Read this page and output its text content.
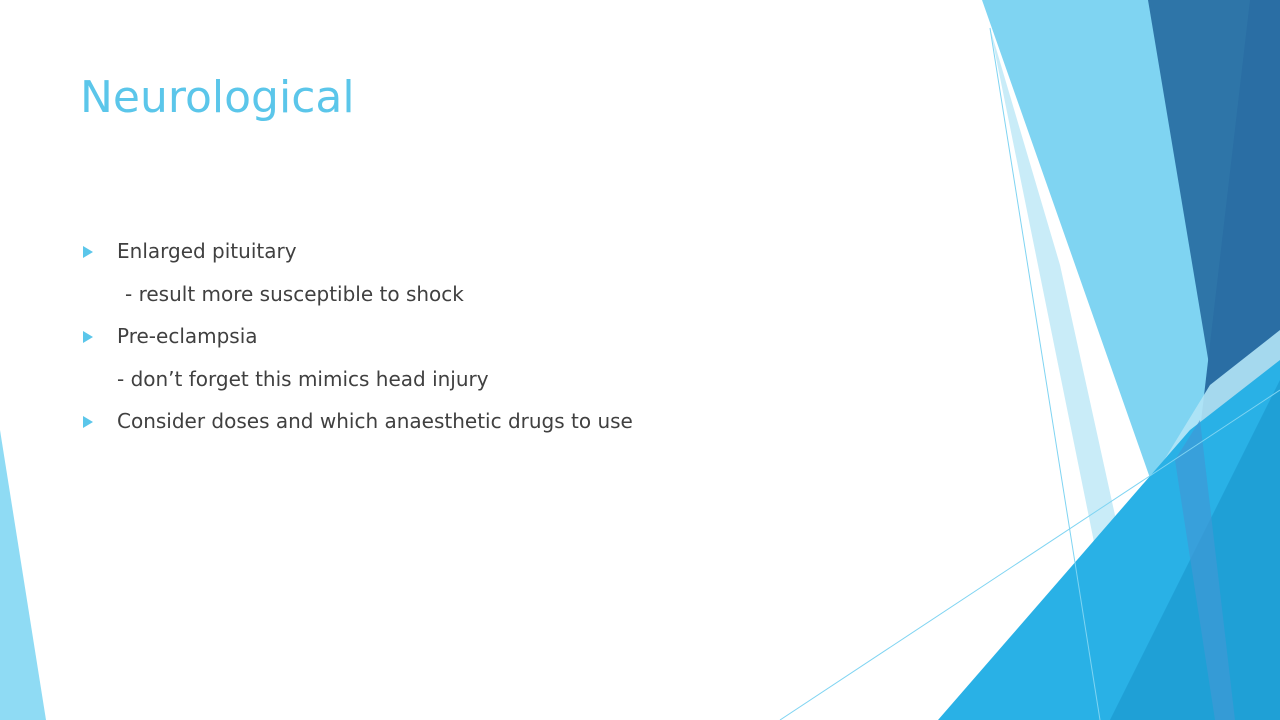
Neurological
Enlarged pituitary
- result more susceptible to shock
Pre-eclampsia
- don’t forget this mimics head injury
Consider doses and which anaesthetic drugs to use
